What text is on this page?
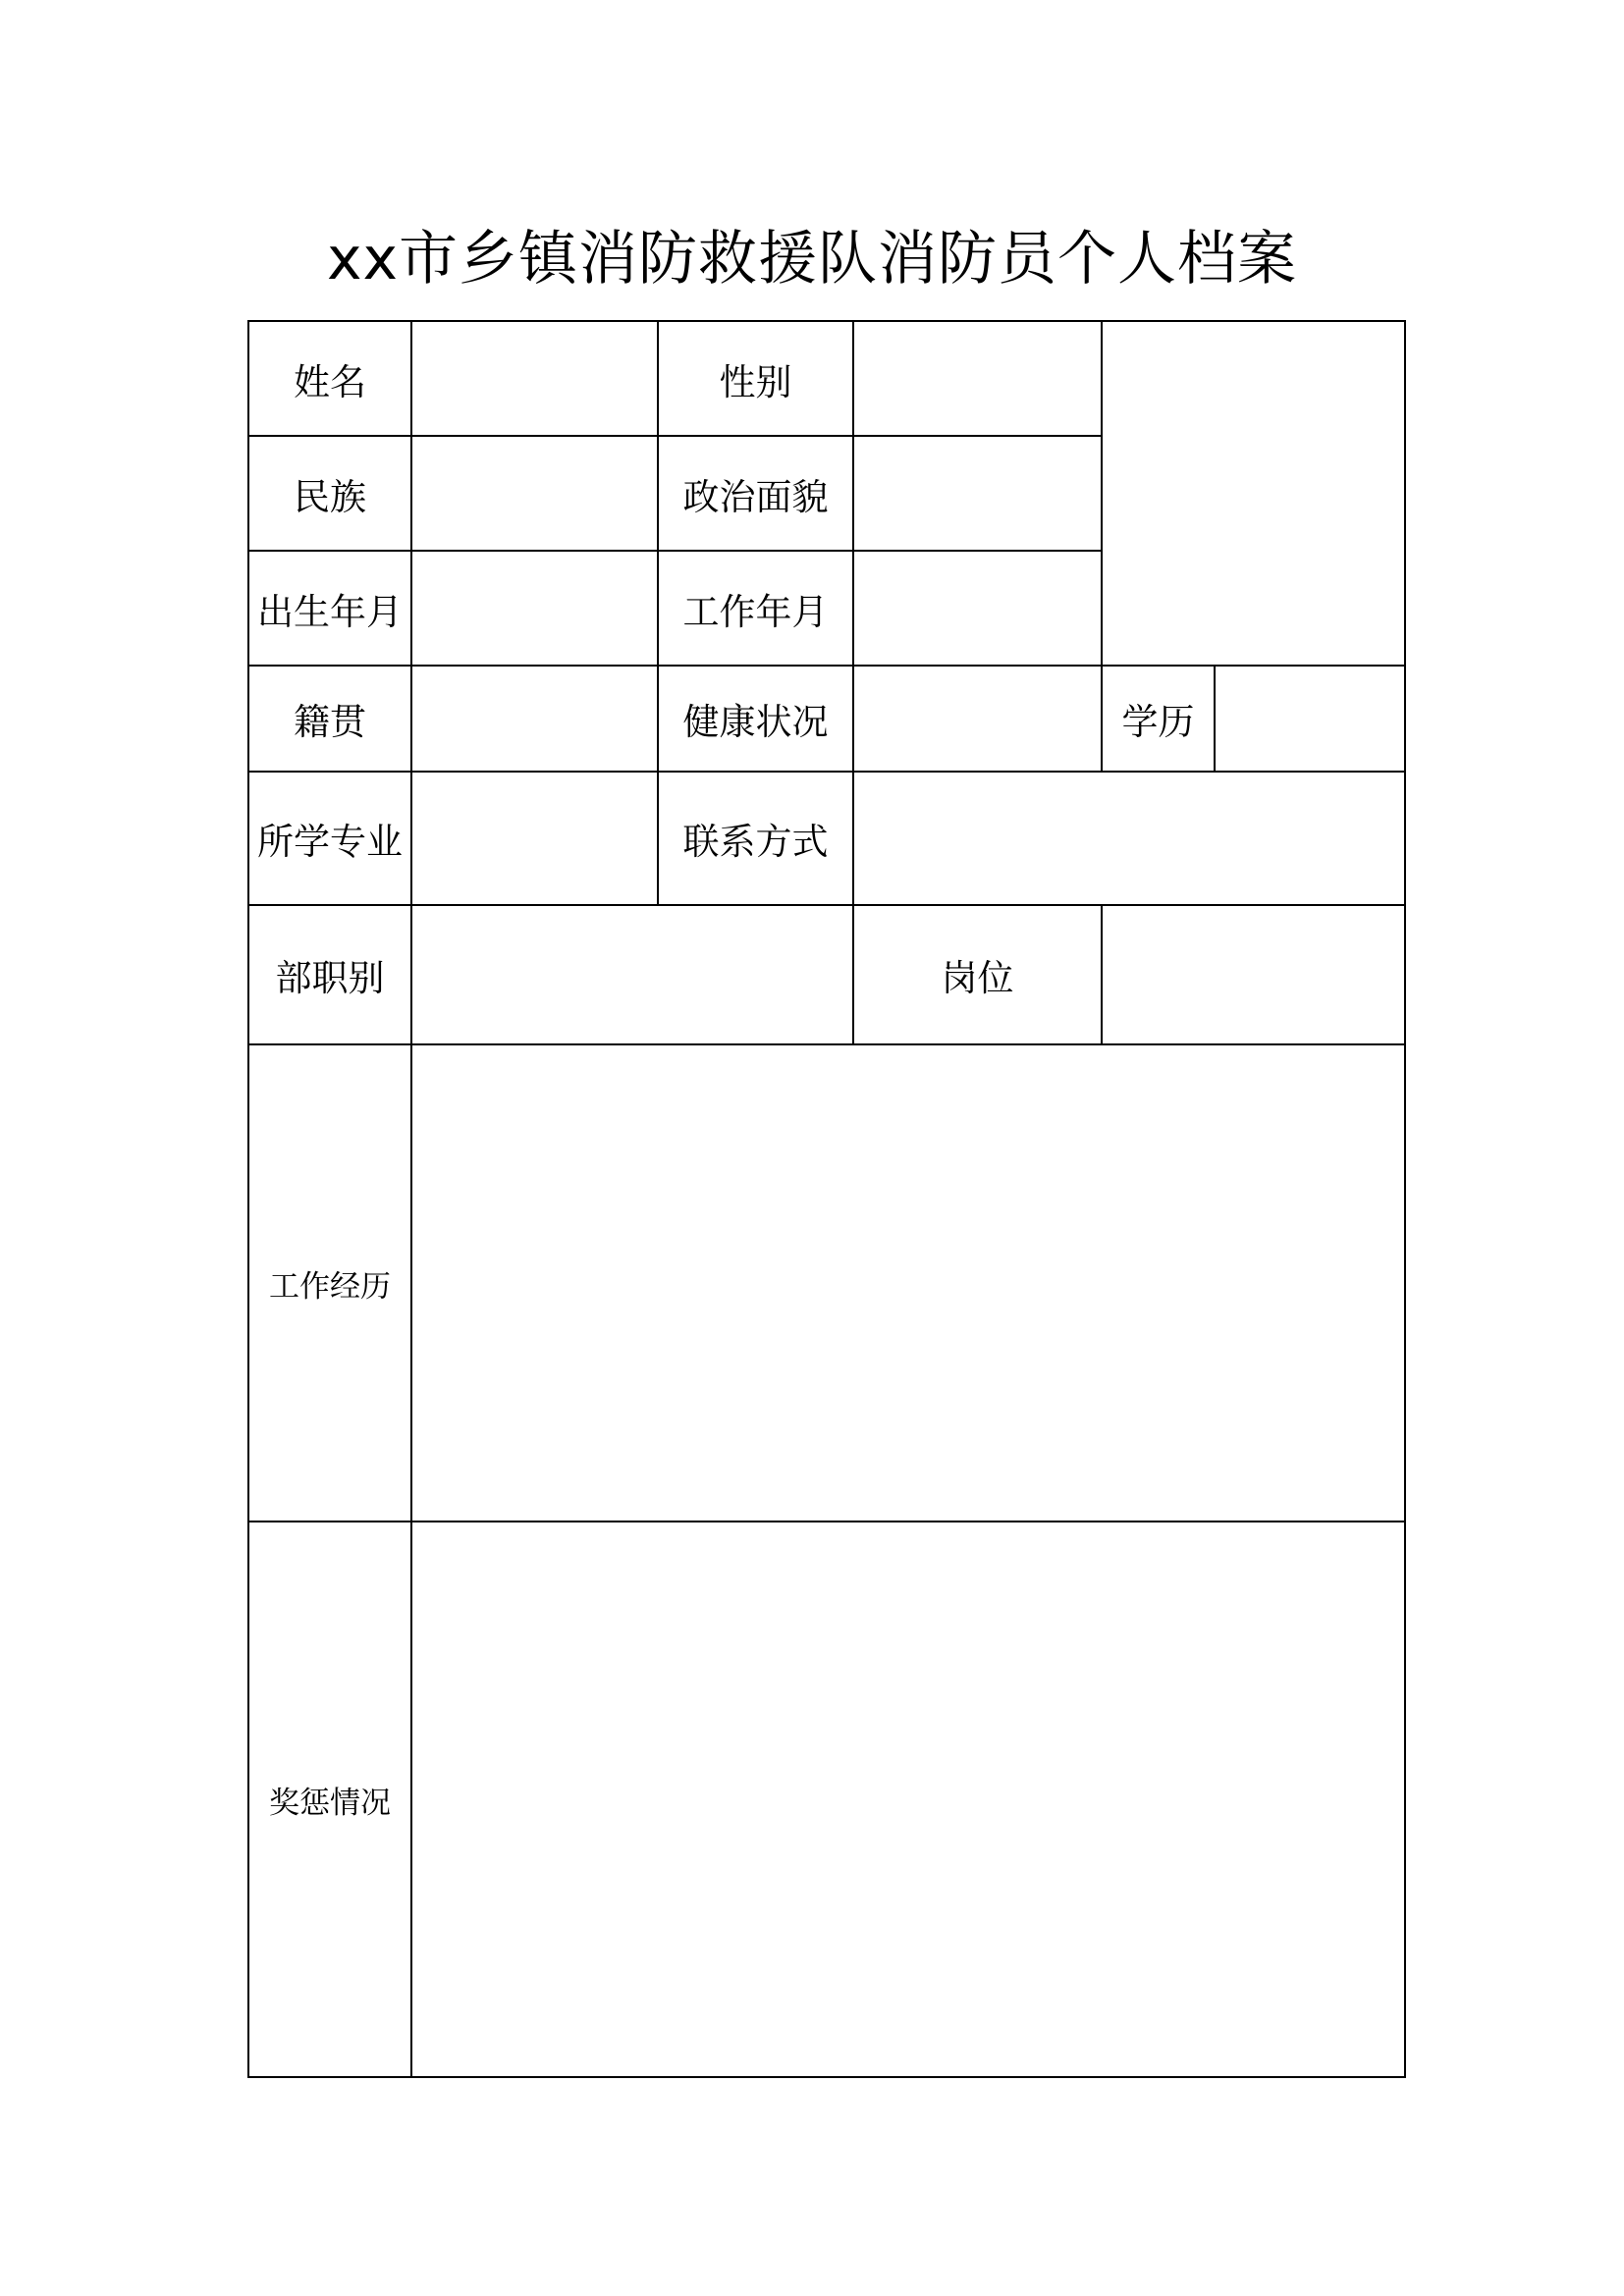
xx市乡镇消防救援队消防员个人档案
姓名		性别			
民族		政治面貌			
出生年月		工作年月			
籍贯		健康状况		学历	
所学专业		联系方式			
部职别			岗位		
工作经历					
奖惩情况					
